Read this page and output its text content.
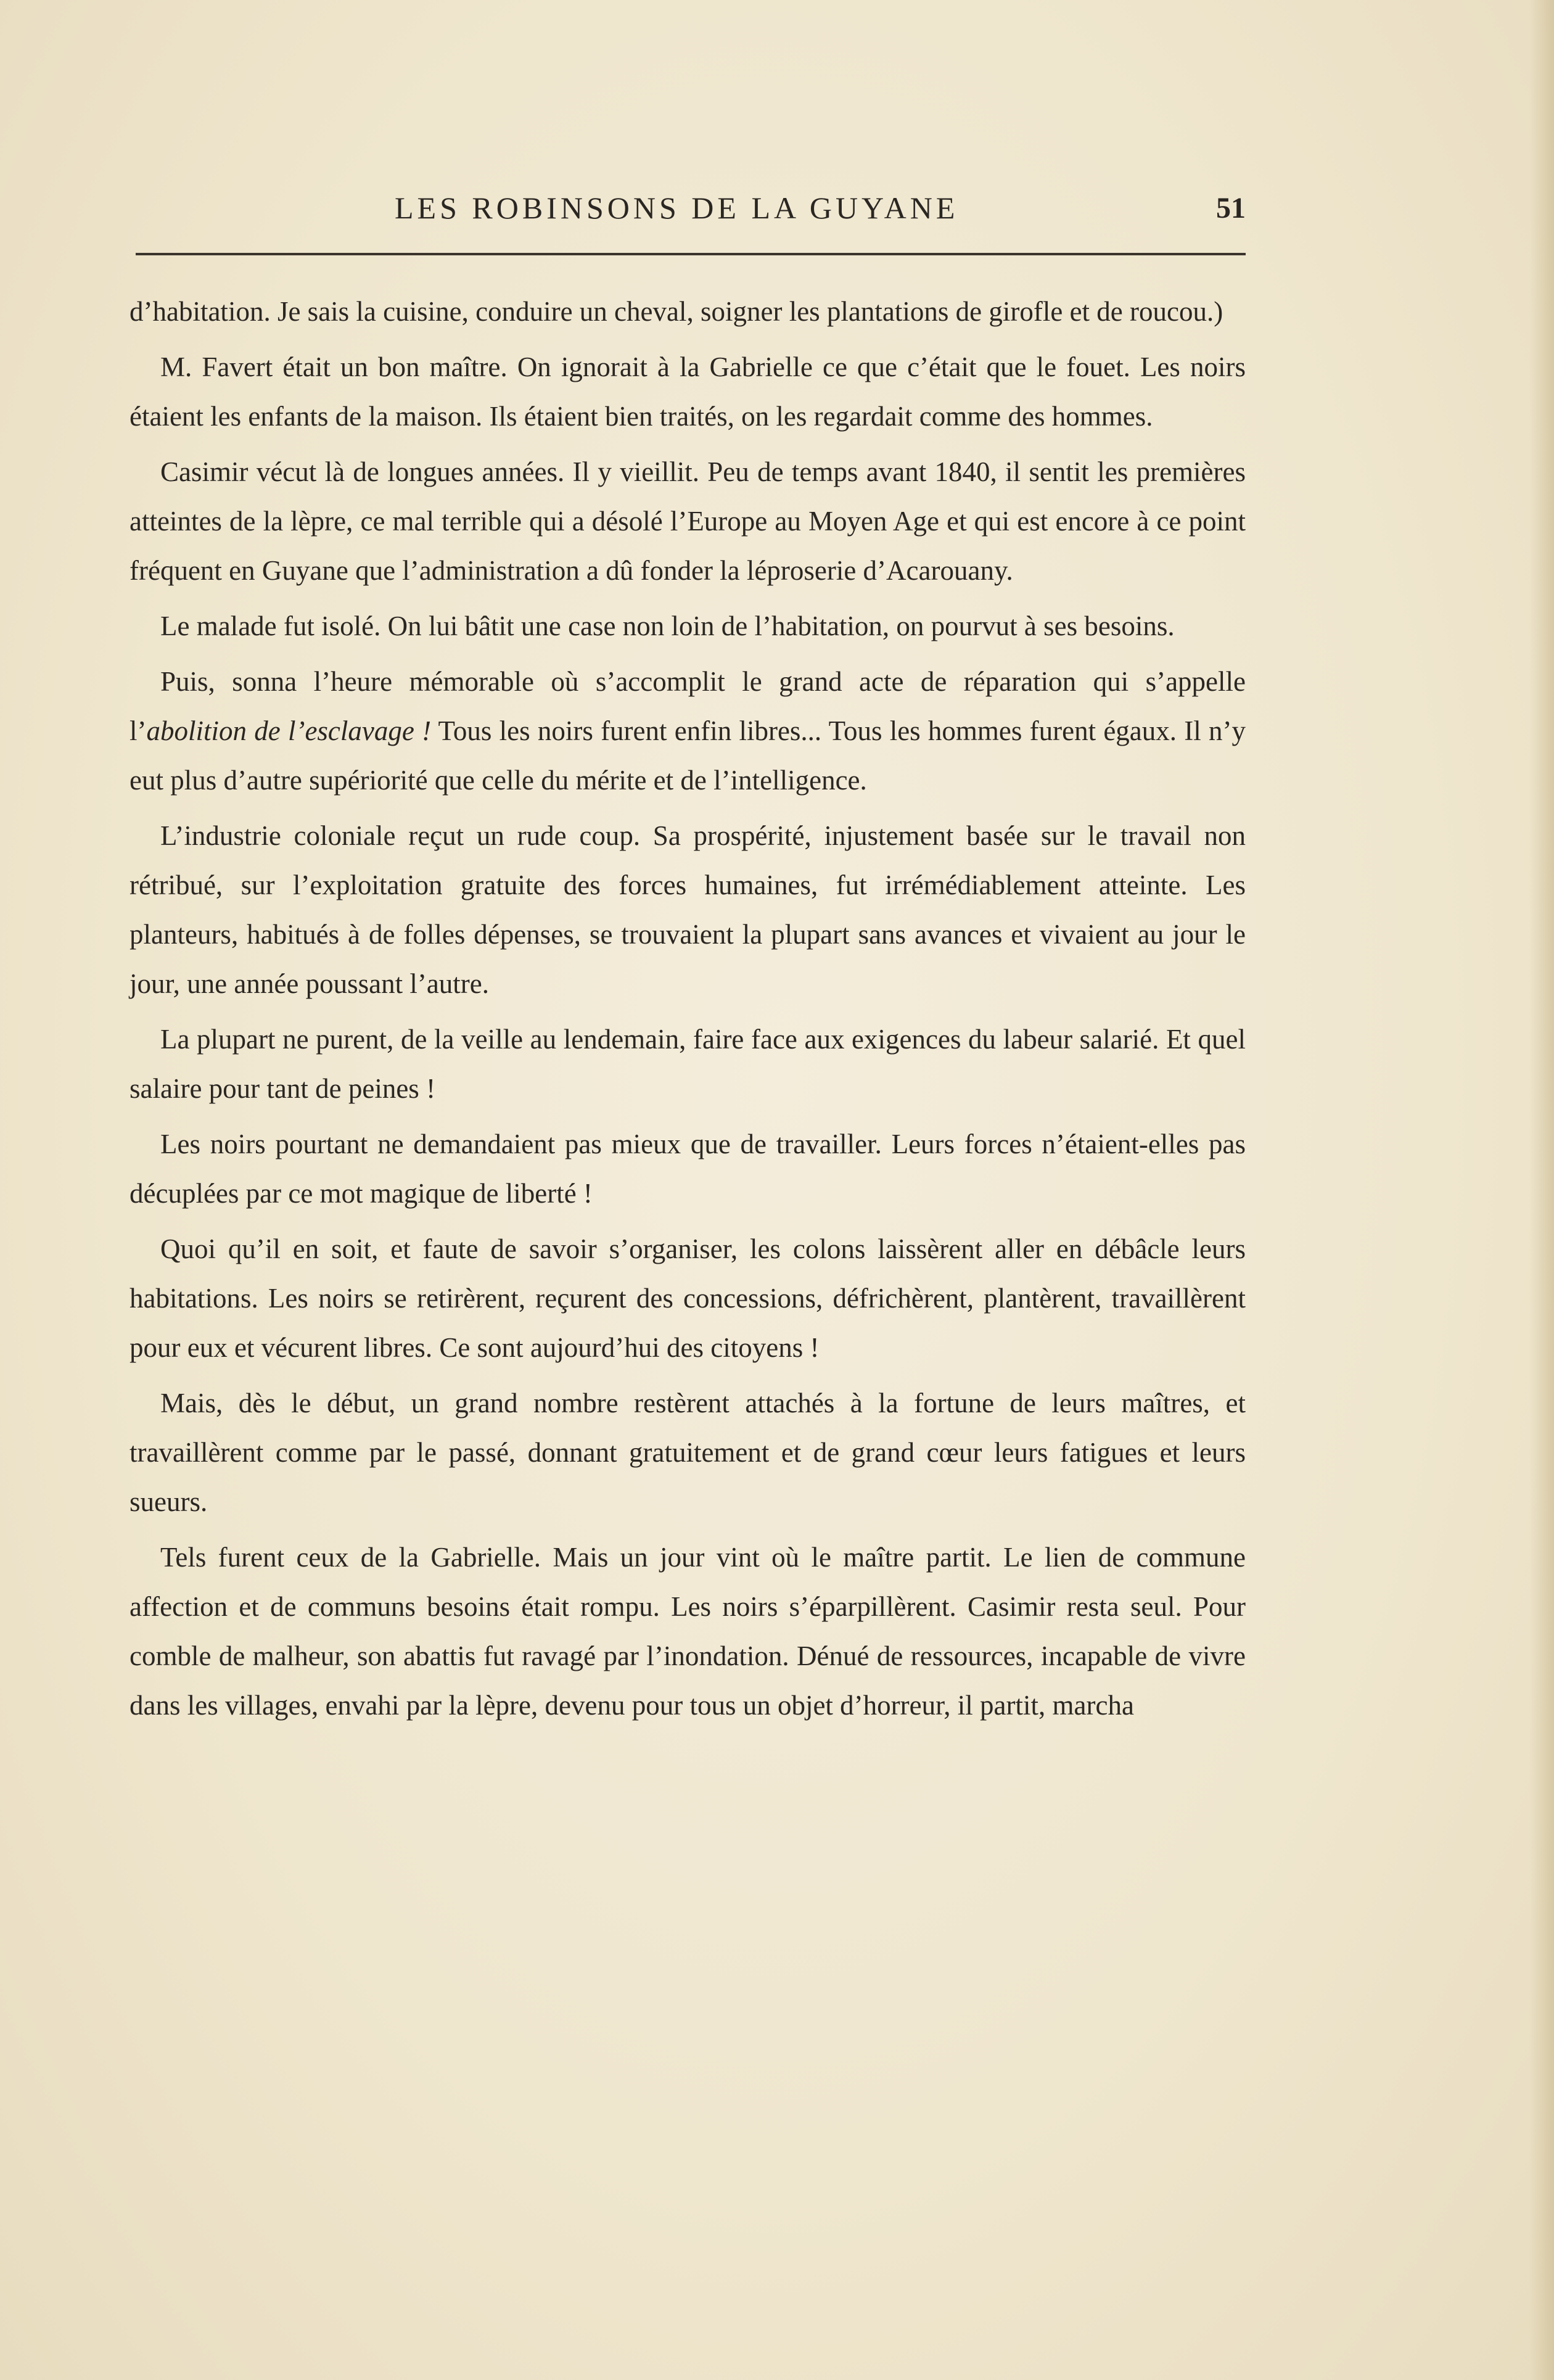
LES ROBINSONS DE LA GUYANE	51

d’habitation. Je sais la cuisine, conduire un cheval, soigner les plantations de girofle et de roucou.)

M. Favert était un bon maître. On ignorait à la Gabrielle ce que c’était que le fouet. Les noirs étaient les enfants de la maison. Ils étaient bien traités, on les regardait comme des hommes.

Casimir vécut là de longues années. Il y vieillit. Peu de temps avant 1840, il sentit les premières atteintes de la lèpre, ce mal terrible qui a désolé l’Europe au Moyen Age et qui est encore à ce point fréquent en Guyane que l’administration a dû fonder la léproserie d’Acarouany.

Le malade fut isolé. On lui bâtit une case non loin de l’habitation, on pourvut à ses besoins.

Puis, sonna l’heure mémorable où s’accomplit le grand acte de réparation qui s’appelle l’abolition de l’esclavage ! Tous les noirs furent enfin libres... Tous les hommes furent égaux. Il n’y eut plus d’autre supériorité que celle du mérite et de l’intelligence.

L’industrie coloniale reçut un rude coup. Sa prospérité, injustement basée sur le travail non rétribué, sur l’exploitation gratuite des forces humaines, fut irrémédiablement atteinte. Les planteurs, habitués à de folles dépenses, se trouvaient la plupart sans avances et vivaient au jour le jour, une année poussant l’autre.

La plupart ne purent, de la veille au lendemain, faire face aux exigences du labeur salarié. Et quel salaire pour tant de peines !

Les noirs pourtant ne demandaient pas mieux que de travailler. Leurs forces n’étaient-elles pas décuplées par ce mot magique de liberté !

Quoi qu’il en soit, et faute de savoir s’organiser, les colons laissèrent aller en débâcle leurs habitations. Les noirs se retirèrent, reçurent des concessions, défrichèrent, plantèrent, travaillèrent pour eux et vécurent libres. Ce sont aujourd’hui des citoyens !

Mais, dès le début, un grand nombre restèrent attachés à la fortune de leurs maîtres, et travaillèrent comme par le passé, donnant gratuitement et de grand cœur leurs fatigues et leurs sueurs.

Tels furent ceux de la Gabrielle. Mais un jour vint où le maître partit. Le lien de commune affection et de communs besoins était rompu. Les noirs s’éparpillèrent. Casimir resta seul. Pour comble de malheur, son abattis fut ravagé par l’inondation. Dénué de ressources, incapable de vivre dans les villages, envahi par la lèpre, devenu pour tous un objet d’horreur, il partit, marcha
